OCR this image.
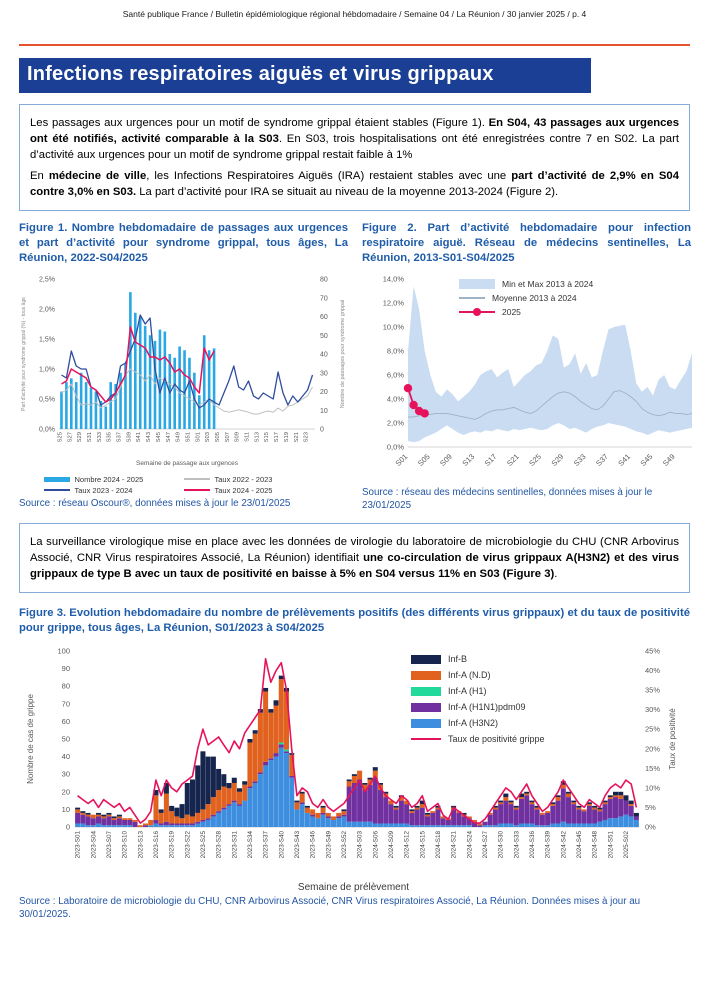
Santé publique France / Bulletin épidémiologique régional hébdomadaire / Semaine 04 / La Réunion / 30 janvier 2025 / p. 4
Infections respiratoires aiguës et virus grippaux

Les passages aux urgences pour un motif de syndrome grippal étaient stables (Figure 1). En S04, 43 passages aux urgences ont été notifiés, activité comparable à la S03. En S03, trois hospitalisations ont été enregistrées contre 7 en S02. La part d’activité aux urgences pour un motif de syndrome grippal restait faible à 1%

En médecine de ville, les Infections Respiratoires Aiguës (IRA) restaient stables avec une part d’activité de 2,9% en S04 contre 3,0% en S03. La part d’activité pour IRA se situait au niveau de la moyenne 2013-2024 (Figure 2).

Figure 1. Nombre hebdomadaire de passages aux urgences et part d’activité pour syndrome grippal, tous âges, La Réunion, 2022-S04/2025
0,0%
0,5%
1,0%
1,5%
2,0%
2,5%
0
10
20
30
40
50
60
70
80
S25 S27 S29 S31 S33 S35 S37 S39 S41 S43 S45 S47 S49 S51 S01 S03 S05 S07 S09 S11 S13 S15 S17 S19 S21 S23
Part d'activité pour syndrome grippal (%) - tous âge	Nombre de passages pour syndrome grippal
Semaine de passage aux urgences
Nombre 2024 - 2025	Taux 2022 - 2023
Taux 2023 - 2024	Taux 2024 - 2025
Source : réseau Oscour®, données mises à jour le 23/01/2025
Figure 2. Part d’activité hebdomadaire pour infection respiratoire aiguë. Réseau de médecins sentinelles, La Réunion, 2013-S01-S04/2025
Min et Max 2013 à 2024
Moyenne 2013 à 2024
2025
0,0%
2,0%
4,0%
6,0%
8,0%
10,0%
12,0%
14,0%
S01 S05 S09 S13 S17 S21 S25 S29 S33 S37 S41 S45 S49
Source : réseau des médecins sentinelles, données mises à jour le 23/01/2025

La surveillance virologique mise en place avec les données de virologie du laboratoire de microbiologie du CHU (CNR Arbovirus Associé, CNR Virus respiratoires Associé, La Réunion) identifiait une co-circulation de virus grippaux A(H3N2) et des virus grippaux de type B avec un taux de positivité en baisse à 5% en S04 versus 11% en S03 (Figure 3).

Figure 3. Evolution hebdomadaire du nombre de prélèvements positifs (des différents virus grippaux) et du taux de positivité pour grippe, tous âges, La Réunion, S01/2023 à S04/2025
Inf-B
Inf-A (N.D)
Inf-A (H1)
Inf-A (H1N1)pdm09
Inf-A (H3N2)
Taux de positivité grippe
0
10
20
30
40
50
60
70
80
90
100
0%
5%
10%
15%
20%
25%
30%
35%
40%
45%
2023-S01 2023-S04 2023-S07 2023-S10 2023-S13 2023-S16 2023-S19 2023-S22 2023-S25 2023-S28 2023-S31 2023-S34 2023-S37 2023-S40 2023-S43 2023-S46 2023-S49 2023-S52 2024-S03 2024-S06 2024-S09 2024-S12 2024-S15 2024-S18 2024-S21 2024-S24 2024-S27 2024-S30 2024-S33 2024-S36 2024-S39 2024-S42 2024-S45 2024-S48 2024-S51 2025-S02
Nombre de cas de grippe	Taux de positivité
Semaine de prélèvement
Source : Laboratoire de microbiologie du CHU, CNR Arbovirus Associé, CNR Virus respiratoires Associé, La Réunion. Données mises à jour au 30/01/2025.
